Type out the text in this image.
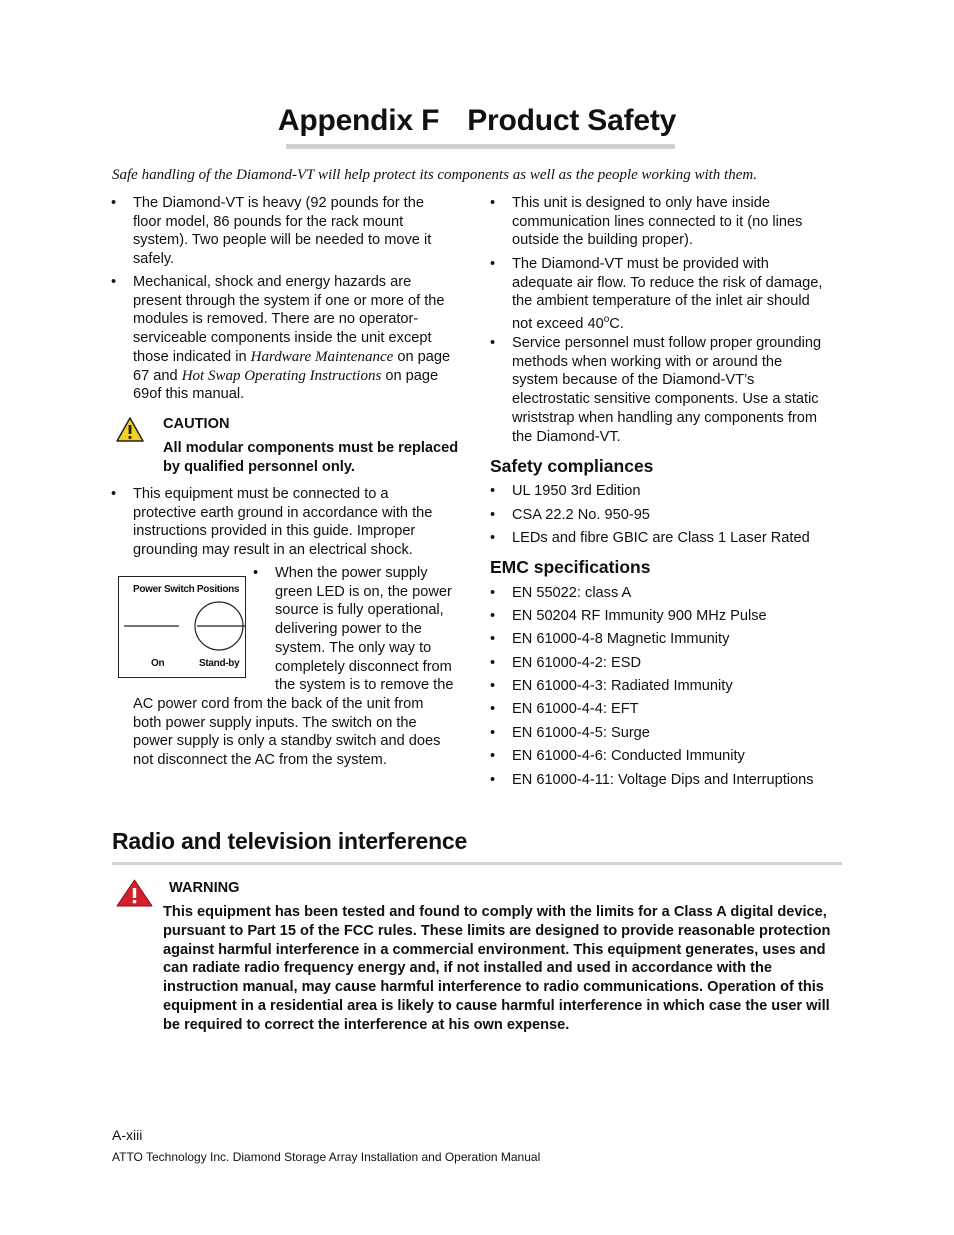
Appendix F Product Safety
Safe handling of the Diamond-VT will help protect its components as well as the people working with them.
• The Diamond-VT is heavy (92 pounds for the
floor model, 86 pounds for the rack mount
system). Two people will be needed to move it
safely.
• Mechanical, shock and energy hazards are
present through the system if one or more of the
modules is removed. There are no operator-
serviceable components inside the unit except
those indicated in Hardware Maintenance on page
67 and Hot Swap Operating Instructions on page
69of this manual.
CAUTION
All modular components must be replaced
by qualified personnel only.
• This equipment must be connected to a
protective earth ground in accordance with the
instructions provided in this guide. Improper
grounding may result in an electrical shock.
Power Switch Positions
On	Stand-by
• When the power supply
green LED is on, the power
source is fully operational,
delivering power to the
system. The only way to
completely disconnect from
the system is to remove the
AC power cord from the back of the unit from
both power supply inputs. The switch on the
power supply is only a standby switch and does
not disconnect the AC from the system.
• This unit is designed to only have inside
communication lines connected to it (no lines
outside the building proper).
• The Diamond-VT must be provided with
adequate air flow. To reduce the risk of damage,
the ambient temperature of the inlet air should
not exceed 40$^o$C.
• Service personnel must follow proper grounding
methods when working with or around the
system because of the Diamond-VT’s
electrostatic sensitive components. Use a static
wriststrap when handling any components from
the Diamond-VT.
Safety compliances
• UL 1950 3rd Edition
• CSA 22.2 No. 950-95
• LEDs and fibre GBIC are Class 1 Laser Rated
EMC specifications
• EN 55022: class A
• EN 50204 RF Immunity 900 MHz Pulse
• EN 61000-4-8 Magnetic Immunity
• EN 61000-4-2: ESD
• EN 61000-4-3: Radiated Immunity
• EN 61000-4-4: EFT
• EN 61000-4-5: Surge
• EN 61000-4-6: Conducted Immunity
• EN 61000-4-11: Voltage Dips and Interruptions
Radio and television interference
WARNING
This equipment has been tested and found to comply with the limits for a Class A digital device,
pursuant to Part 15 of the FCC rules. These limits are designed to provide reasonable protection
against harmful interference in a commercial environment. This equipment generates, uses and
can radiate radio frequency energy and, if not installed and used in accordance with the
instruction manual, may cause harmful interference to radio communications. Operation of this
equipment in a residential area is likely to cause harmful interference in which case the user will
be required to correct the interference at his own expense.
A-xiii
ATTO Technology Inc. Diamond Storage Array Installation and Operation Manual
